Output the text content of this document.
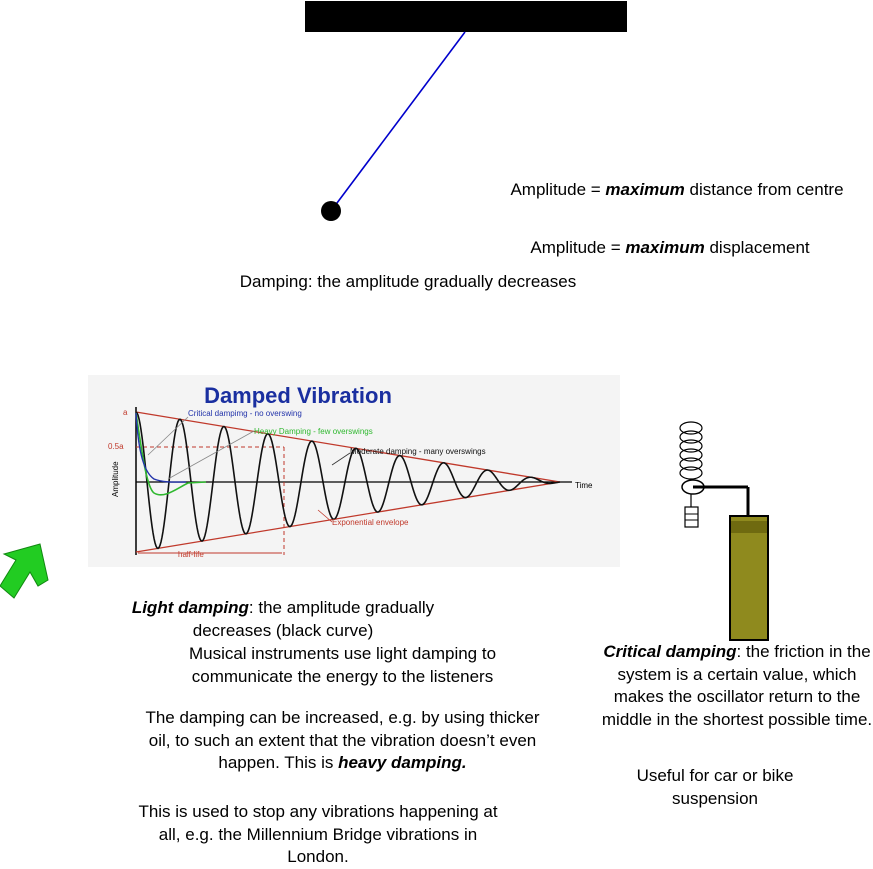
Amplitude = maximum distance from centre
Amplitude = maximum displacement
Damping: the amplitude gradually decreases
Damped Vibration
Amplitude	Time
a
0.5a
half-life
Critical dampimg - no overswing
Heavy Damping - few overswings
Moderate damping - many overswings
Exponential envelope
Light damping: the amplitude gradually decreases (black curve)
Musical instruments use light damping to communicate the energy to the listeners
The damping can be increased, e.g. by using thicker oil, to such an extent that the vibration doesn’t even happen. This is heavy damping.
This is used to stop any vibrations happening at all, e.g. the Millennium Bridge vibrations in London.
Critical damping: the friction in the system is a certain value, which makes the oscillator return to the middle in the shortest possible time.
Useful for car or bike suspension
